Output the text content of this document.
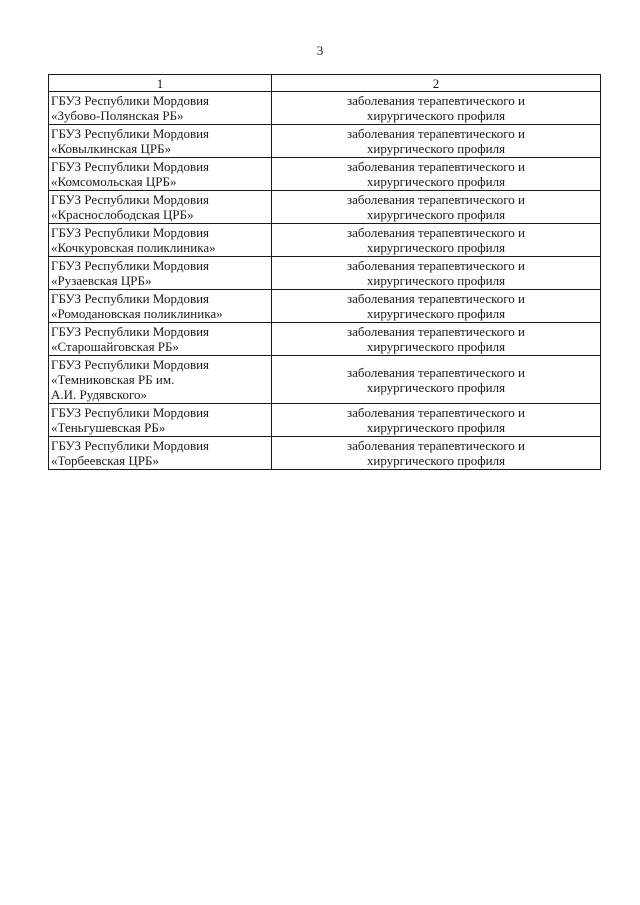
3
1	2

ГБУЗ Республики Мордовия
«Зубово-Полянская РБ»	заболевания терапевтического и
хирургического профиля

ГБУЗ Республики Мордовия
«Ковылкинская ЦРБ»	заболевания терапевтического и
хирургического профиля

ГБУЗ Республики Мордовия
«Комсомольская ЦРБ»	заболевания терапевтического и
хирургического профиля

ГБУЗ Республики Мордовия
«Краснослободская ЦРБ»	заболевания терапевтического и
хирургического профиля

ГБУЗ Республики Мордовия
«Кочкуровская поликлиника»	заболевания терапевтического и
хирургического профиля

ГБУЗ Республики Мордовия
«Рузаевская ЦРБ»	заболевания терапевтического и
хирургического профиля

ГБУЗ Республики Мордовия
«Ромодановская поликлиника»	заболевания терапевтического и
хирургического профиля

ГБУЗ Республики Мордовия
«Старошайговская РБ»	заболевания терапевтического и
хирургического профиля

ГБУЗ Республики Мордовия
«Темниковская РБ им.
А.И. Рудявского»	заболевания терапевтического и
хирургического профиля

ГБУЗ Республики Мордовия
«Теньгушевская РБ»	заболевания терапевтического и
хирургического профиля

ГБУЗ Республики Мордовия
«Торбеевская ЦРБ»	заболевания терапевтического и
хирургического профиля
